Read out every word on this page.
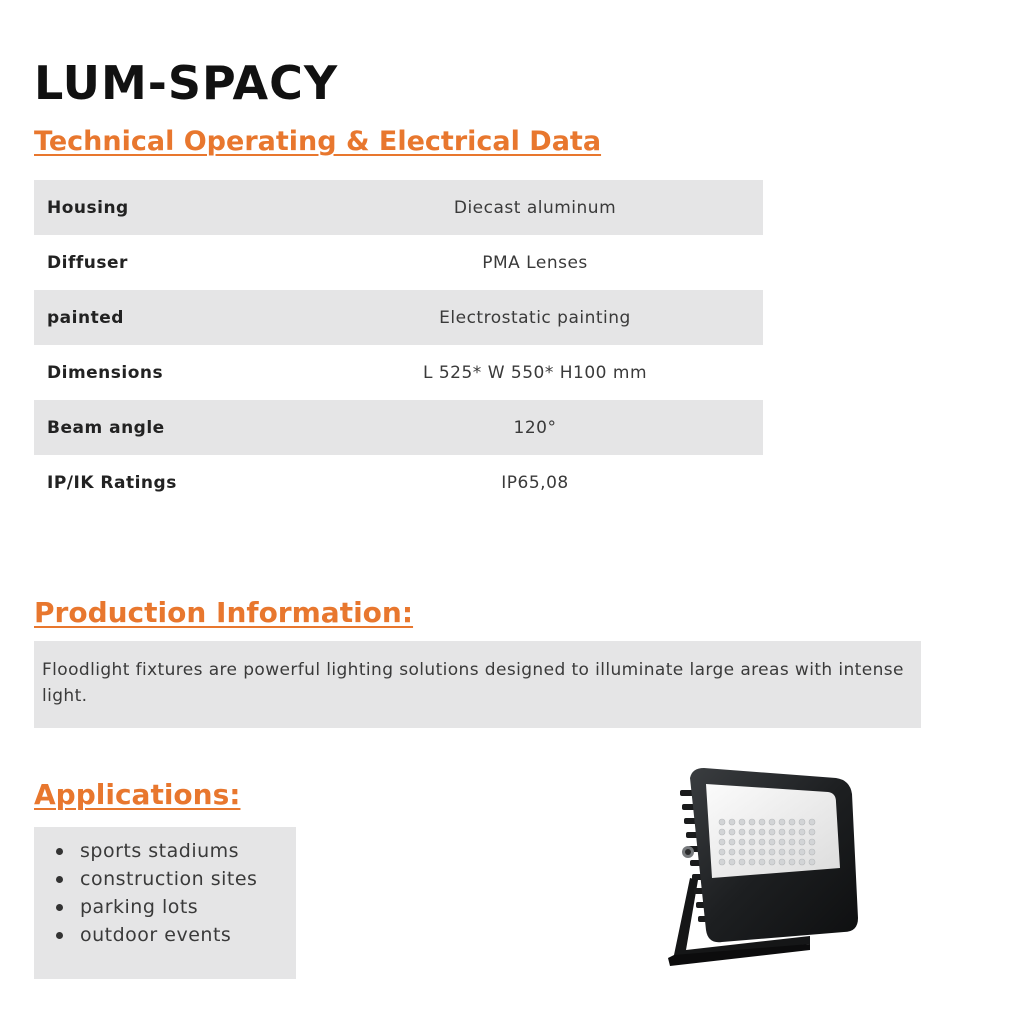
LUM-SPACY
Technical Operating & Electrical Data
Housing	Diecast aluminum
Diffuser	PMA Lenses
painted	Electrostatic painting
Dimensions	L 525* W 550* H100 mm
Beam angle	120°
IP/IK Ratings	IP65,08
Production Information:
Floodlight fixtures are powerful lighting solutions designed to illuminate large areas with intense light.
Applications:
sports stadiums
construction sites
parking lots
outdoor events
